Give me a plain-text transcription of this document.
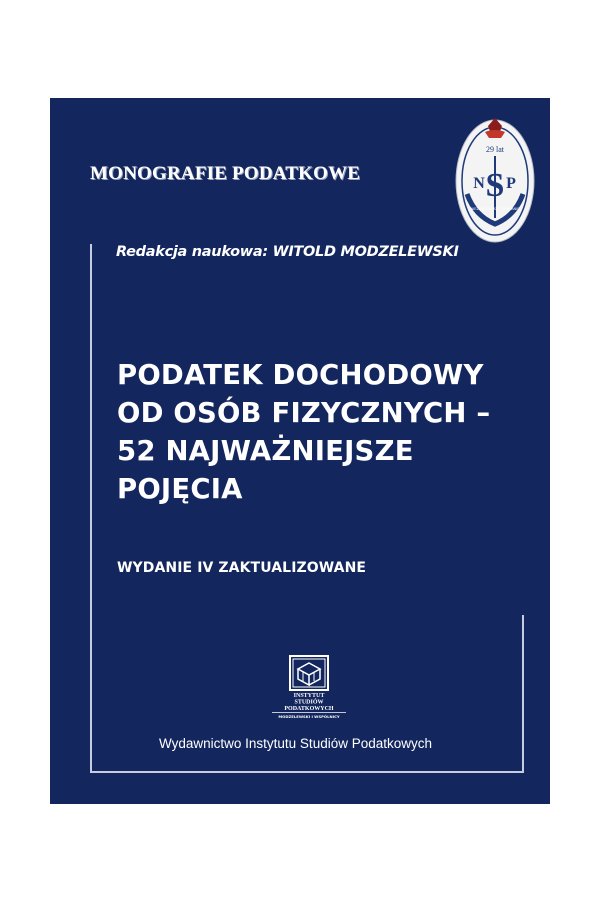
MONOGRAFIE PODATKOWE
29 lat
S
N P
NIEZALEŻNOŚĆ I ZAUFANIE

Redakcja naukowa: WITOLD MODZELEWSKI

PODATEK DOCHODOWY
OD OSÓB FIZYCZNYCH –
52 NAJWAŻNIEJSZE
POJĘCIA

WYDANIE IV ZAKTUALIZOWANE

INSTYTUT
STUDIÓW
PODATKOWYCH
MODZELEWSKI I WSPÓLNICY

Wydawnictwo Instytutu Studiów Podatkowych
